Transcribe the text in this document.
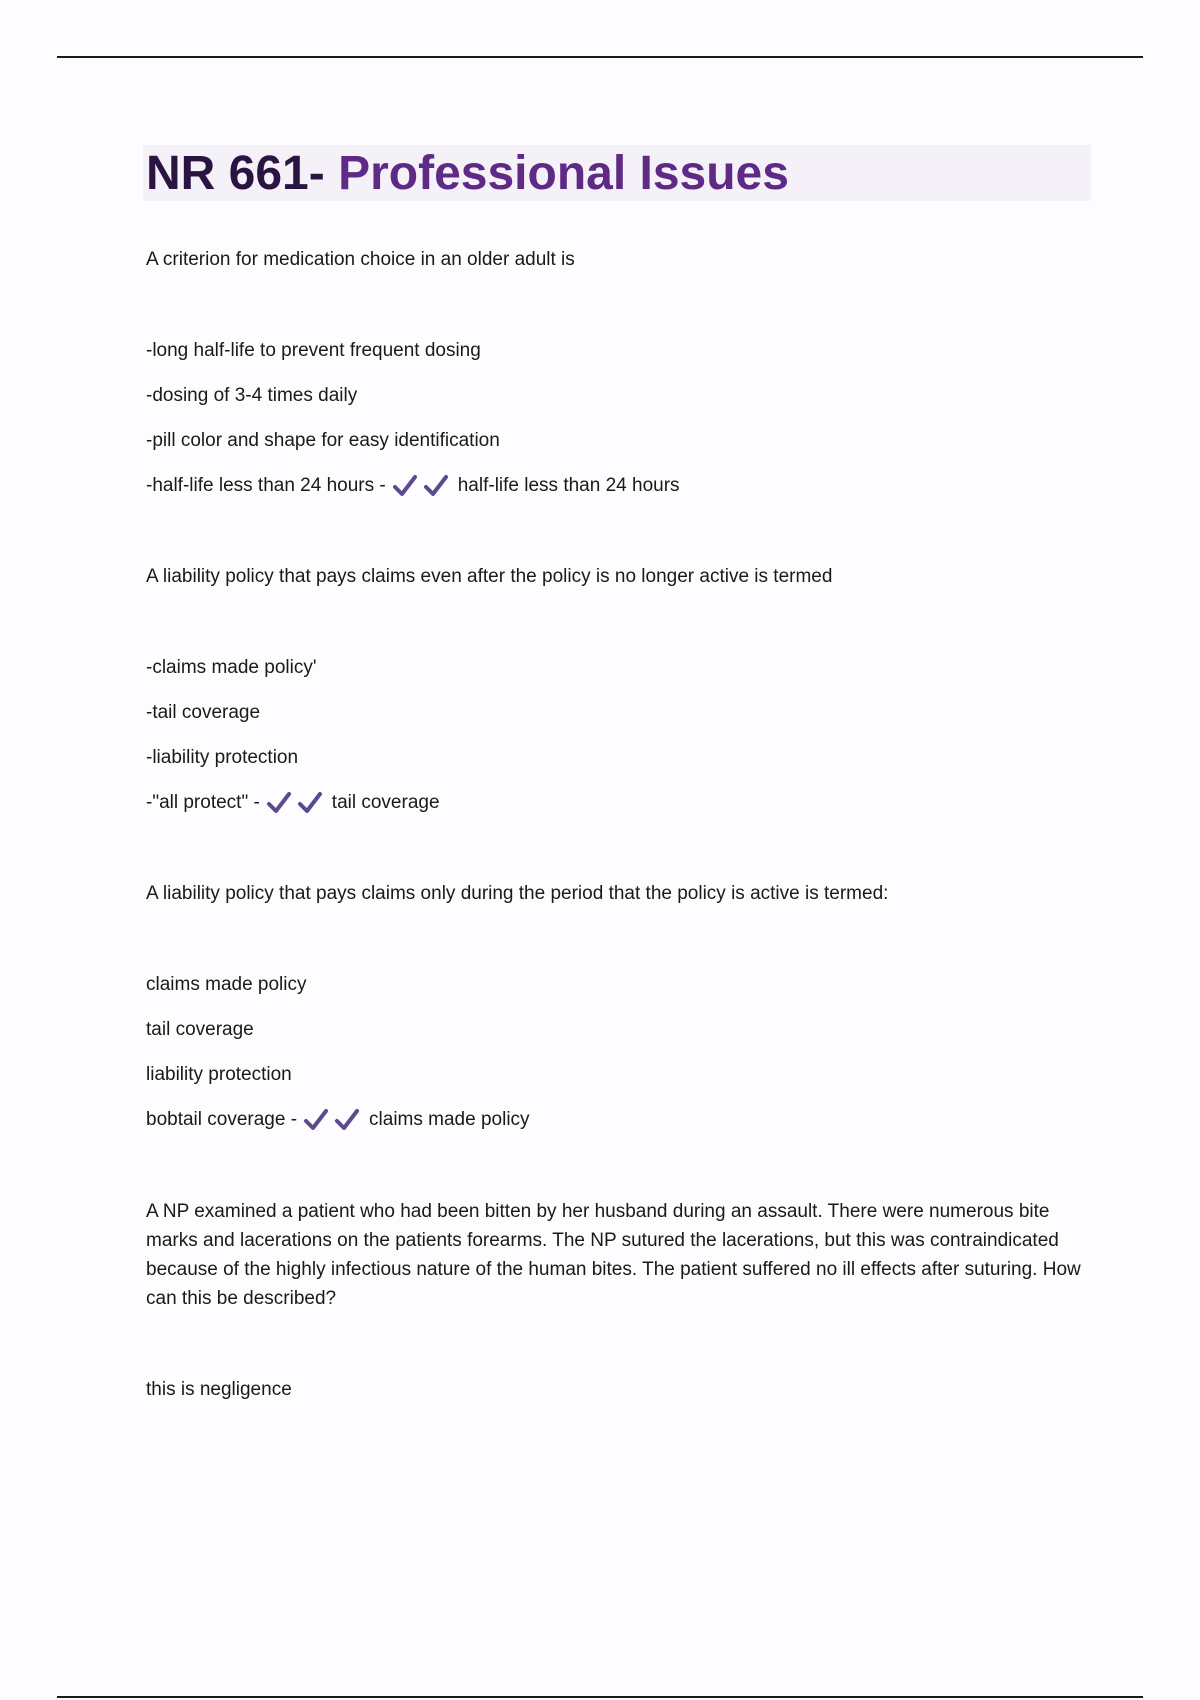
NR 661- Professional Issues

A criterion for medication choice in an older adult is

-long half-life to prevent frequent dosing

-dosing of 3-4 times daily

-pill color and shape for easy identification

-half-life less than 24 hours -	half-life less than 24 hours

A liability policy that pays claims even after the policy is no longer active is termed

-claims made policy'

-tail coverage

-liability protection

-"all protect" -	tail coverage

A liability policy that pays claims only during the period that the policy is active is termed:

claims made policy

tail coverage

liability protection

bobtail coverage -	claims made policy

A NP examined a patient who had been bitten by her husband during an assault. There were numerous bite marks and lacerations on the patients forearms. The NP sutured the lacerations, but this was contraindicated because of the highly infectious nature of the human bites. The patient suffered no ill effects after suturing. How can this be described?

this is negligence
